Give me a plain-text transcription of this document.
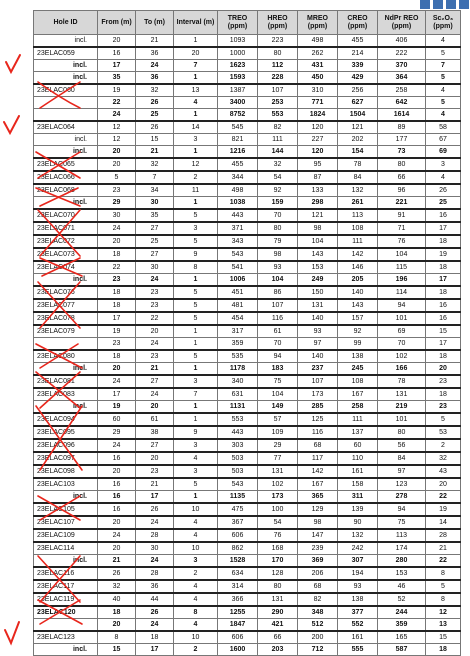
Hole ID	From (m)	To (m)	Interval (m)	TREO (ppm)	HREO (ppm)	MREO (ppm)	CREO (ppm)	NdPr REO (ppm)	Sc₂O₃ (ppm)
incl.	20	21	1	1093	223	498	455	406	4
23ELAC059	16	36	20	1000	80	262	214	222	5
incl.	17	24	7	1623	112	431	339	370	7
incl.	35	36	1	1593	228	450	429	364	5
23ELAC060	19	32	13	1387	107	310	256	258	4
	22	26	4	3400	253	771	627	642	5
	24	25	1	8752	553	1824	1504	1614	4
23ELAC064	12	26	14	545	82	120	121	89	58
incl.	12	15	3	821	111	227	202	177	67
incl.	20	21	1	1216	144	120	154	73	69
23ELAC065	20	32	12	455	32	95	78	80	3
23ELAC066	5	7	2	344	54	87	84	66	4
23ELAC068	23	34	11	498	92	133	132	96	26
incl.	29	30	1	1038	159	298	261	221	25
23ELAC070	30	35	5	443	70	121	113	91	16
23ELAC071	24	27	3	371	80	98	108	71	17
23ELAC072	20	25	5	343	79	104	111	76	18
23ELAC073	18	27	9	543	98	143	142	104	19
23ELAC074	22	30	8	541	93	153	146	115	18
incl.	23	24	1	1006	104	249	205	196	17
23ELAC076	18	23	5	451	86	150	140	114	18
23ELAC077	18	23	5	481	107	131	143	94	16
23ELAC078	17	22	5	454	116	140	157	101	16
23ELAC079	19	20	1	317	61	93	92	69	15
	23	24	1	359	70	97	99	70	17
23ELAC080	18	23	5	535	94	140	138	102	18
incl.	20	21	1	1178	183	237	245	166	20
23ELAC081	24	27	3	340	75	107	108	78	23
23ELAC083	17	24	7	631	104	173	167	131	18
incl.	19	20	1	1131	149	285	258	219	23
23ELAC094	60	61	1	553	57	125	111	101	5
23ELAC095	29	38	9	443	109	116	137	80	53
23ELAC096	24	27	3	303	29	68	60	56	2
23ELAC097	16	20	4	503	77	117	110	84	32
23ELAC098	20	23	3	503	131	142	161	97	43
23ELAC103	16	21	5	543	102	167	158	123	20
incl.	16	17	1	1135	173	365	311	278	22
23ELAC105	16	26	10	475	100	129	139	94	19
23ELAC107	20	24	4	367	54	98	90	75	14
23ELAC109	24	28	4	606	76	147	132	113	28
23ELAC114	20	30	10	862	168	239	242	174	21
incl.	21	24	3	1528	170	369	307	280	22
23ELAC116	26	28	2	634	128	206	194	153	8
23ELAC117	32	36	4	314	80	68	93	46	5
23ELAC119	40	44	4	366	131	82	138	52	8
23ELAC120	18	26	8	1255	290	348	377	244	12
	20	24	4	1847	421	512	552	359	13
23ELAC123	8	18	10	606	66	200	161	165	15
incl.	15	17	2	1600	203	712	555	587	18
